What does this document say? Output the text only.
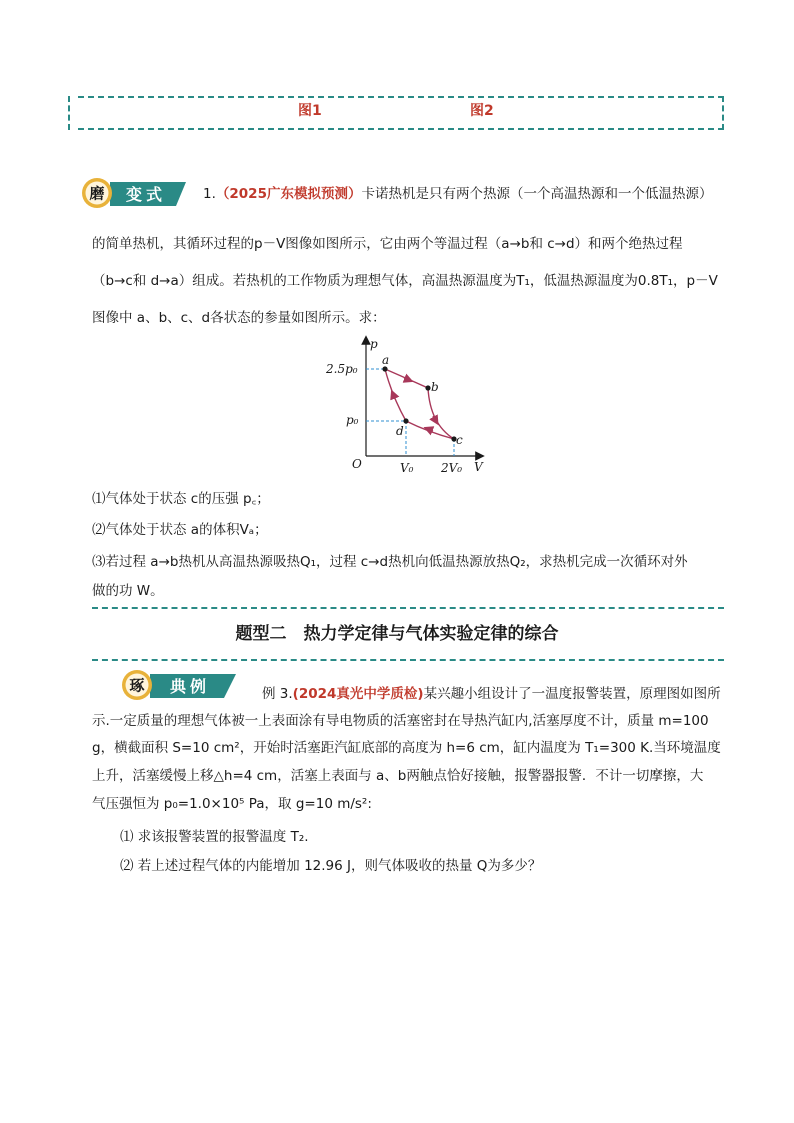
图1	图2
磨 变式	1.（2025广东模拟预测）卡诺热机是只有两个热源（一个高温热源和一个低温热源）
的简单热机，其循环过程的p－V图像如图所示，它由两个等温过程（a→b和 c→d）和两个绝热过程
（b→c和 d→a）组成。若热机的工作物质为理想气体，高温热源温度为T₁，低温热源温度为0.8T₁，p－V
图像中 a、b、c、d各状态的参量如图所示。求：
p
V
a
b
c
d
2.5p₀
p₀
V₀ 2V₀
O
⑴气体处于状态 c的压强 p꜀；
⑵气体处于状态 a的体积Vₐ；
⑶若过程 a→b热机从高温热源吸热Q₁，过程 c→d热机向低温热源放热Q₂，求热机完成一次循环对外
做的功 W。
题型二　热力学定律与气体实验定律的综合
琢 典例	例 3.(2024真光中学质检)某兴趣小组设计了一温度报警装置，原理图如图所
示.一定质量的理想气体被一上表面涂有导电物质的活塞密封在导热汽缸内,活塞厚度不计，质量 m=100
g，横截面积 S=10 cm²，开始时活塞距汽缸底部的高度为 h=6 cm，缸内温度为 T₁=300 K.当环境温度
上升，活塞缓慢上移△h=4 cm，活塞上表面与 a、b两触点恰好接触，报警器报警．不计一切摩擦，大
气压强恒为 p₀=1.0×10⁵ Pa，取 g=10 m/s²:
⑴ 求该报警装置的报警温度 T₂.
⑵ 若上述过程气体的内能增加 12.96 J，则气体吸收的热量 Q为多少？
